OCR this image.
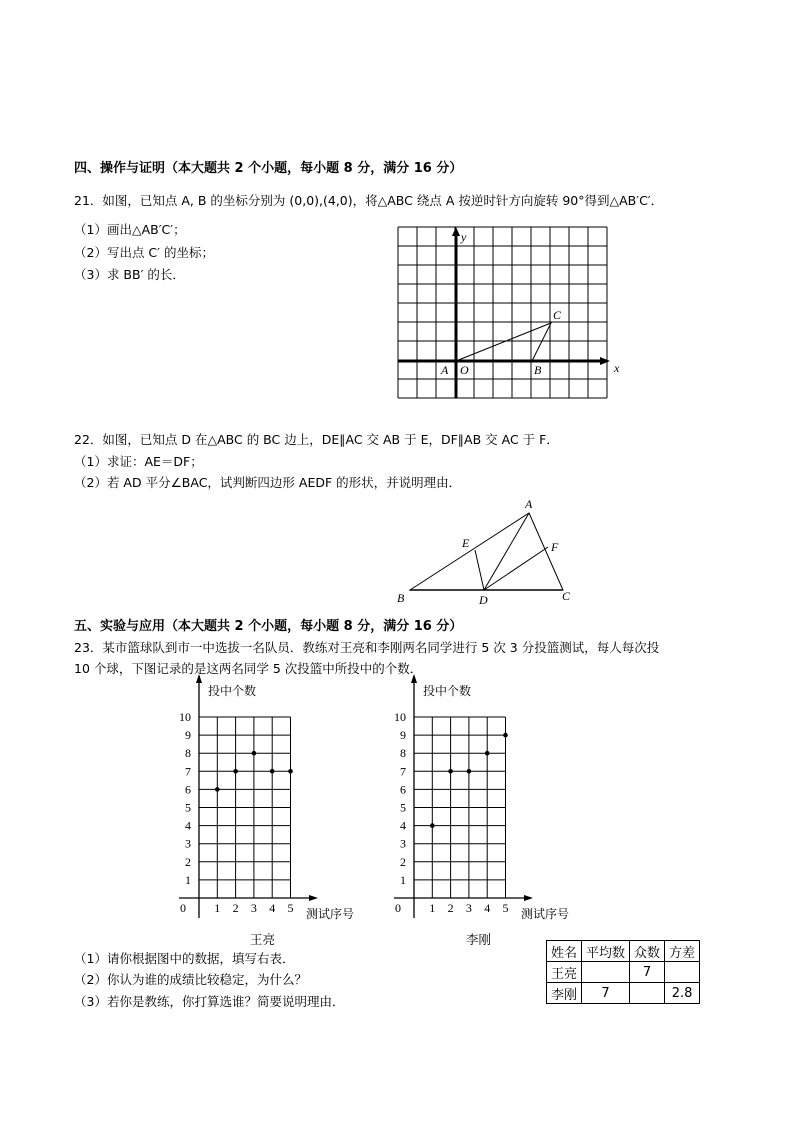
四、操作与证明（本大题共 2 个小题，每小题 8 分，满分 16 分）
21．如图，已知点 A, B 的坐标分别为 (0,0),(4,0)，将△ABC 绕点 A 按逆时针方向旋转 90°得到△AB′C′．
（1）画出△AB′C′；
（2）写出点 C′ 的坐标；
（3）求 BB′ 的长．
y
x
A O	B
C
A
B	C
D
E	F
投中个数
测试序号
0
1
2
3
4
5
6
7
8
9
10
1 2 3 4 5
投中个数
测试序号
0
1
2
3
4
5
6
7
8
9
10
1 2 3 4 5
22．如图，已知点 D 在△ABC 的 BC 边上，DE∥AC 交 AB 于 E，DF∥AB 交 AC 于 F．
（1）求证：AE＝DF；
（2）若 AD 平分∠BAC，试判断四边形 AEDF 的形状，并说明理由．
五、实验与应用（本大题共 2 个小题，每小题 8 分，满分 16 分）
23．某市篮球队到市一中选拔一名队员．教练对王亮和李刚两名同学进行 5 次 3 分投篮测试，每人每次投
10 个球，下图记录的是这两名同学 5 次投篮中所投中的个数．
王亮	李刚
（1）请你根据图中的数据，填写右表．
（2）你认为谁的成绩比较稳定，为什么？
（3）若你是教练，你打算选谁？简要说明理由．
姓名	平均数	众数	方差
王亮		7	
李刚	7		2.8
